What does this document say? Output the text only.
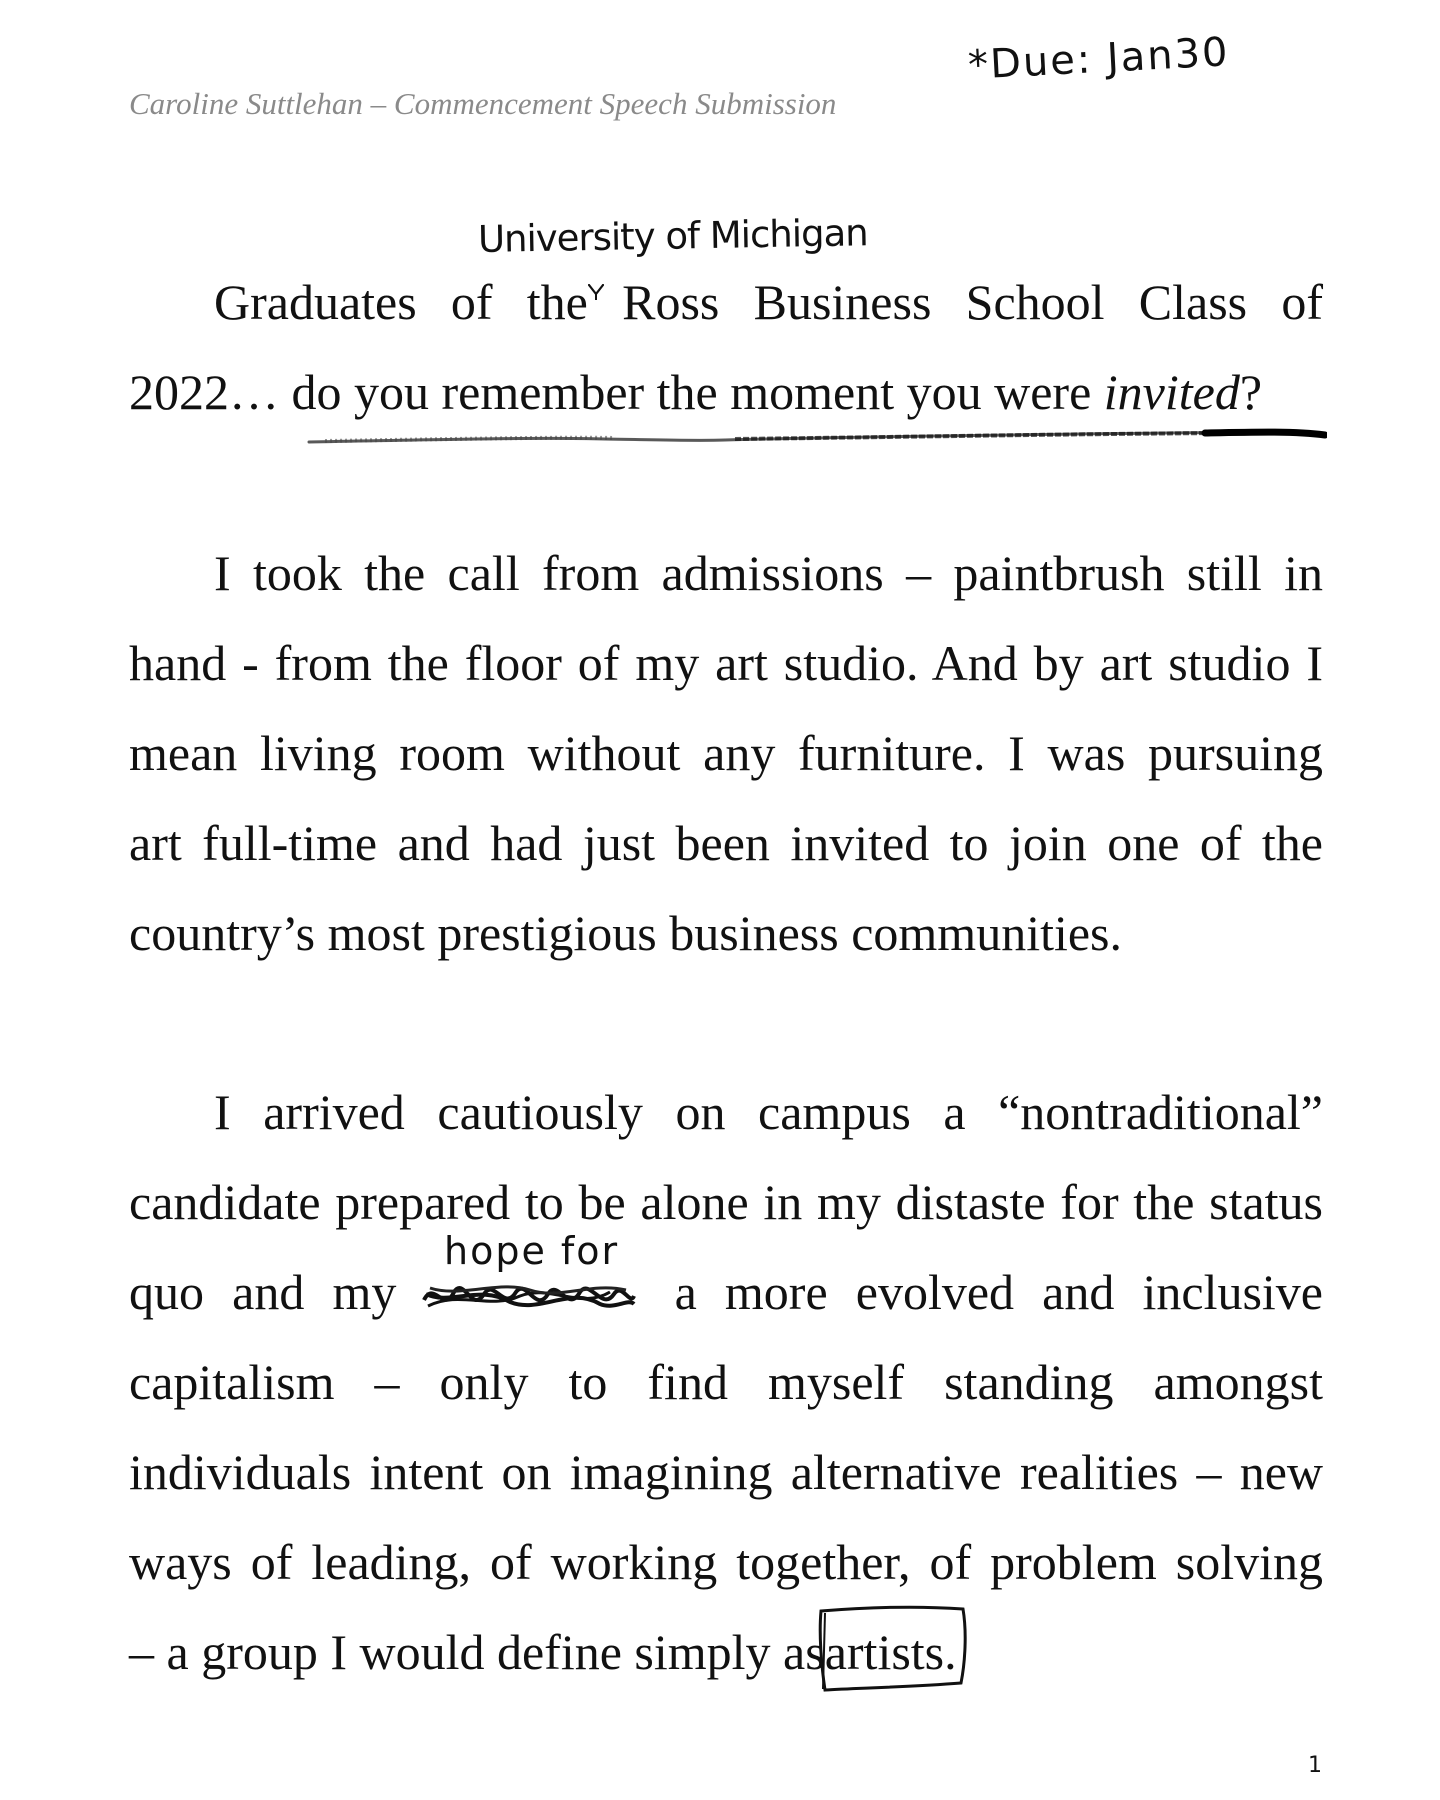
Caroline Suttlehan – Commencement Speech Submission
*Due: Jan30
University of Michigan
Graduates of the Ross Business School Class of
2022… do you remember the moment you were invited?
I took the call from admissions – paintbrush still in
hand - from the floor of my art studio. And by art studio I
mean living room without any furniture. I was pursuing
art full-time and had just been invited to join one of the
country’s most prestigious business communities.
I arrived cautiously on campus a “nontraditional”
candidate prepared to be alone in my distaste for the status
quo and my	a more evolved and inclusive
capitalism – only to find myself standing amongst
individuals intent on imagining alternative realities – new
ways of leading, of working together, of problem solving
– a group I would define simply asartists.
hope for
1
